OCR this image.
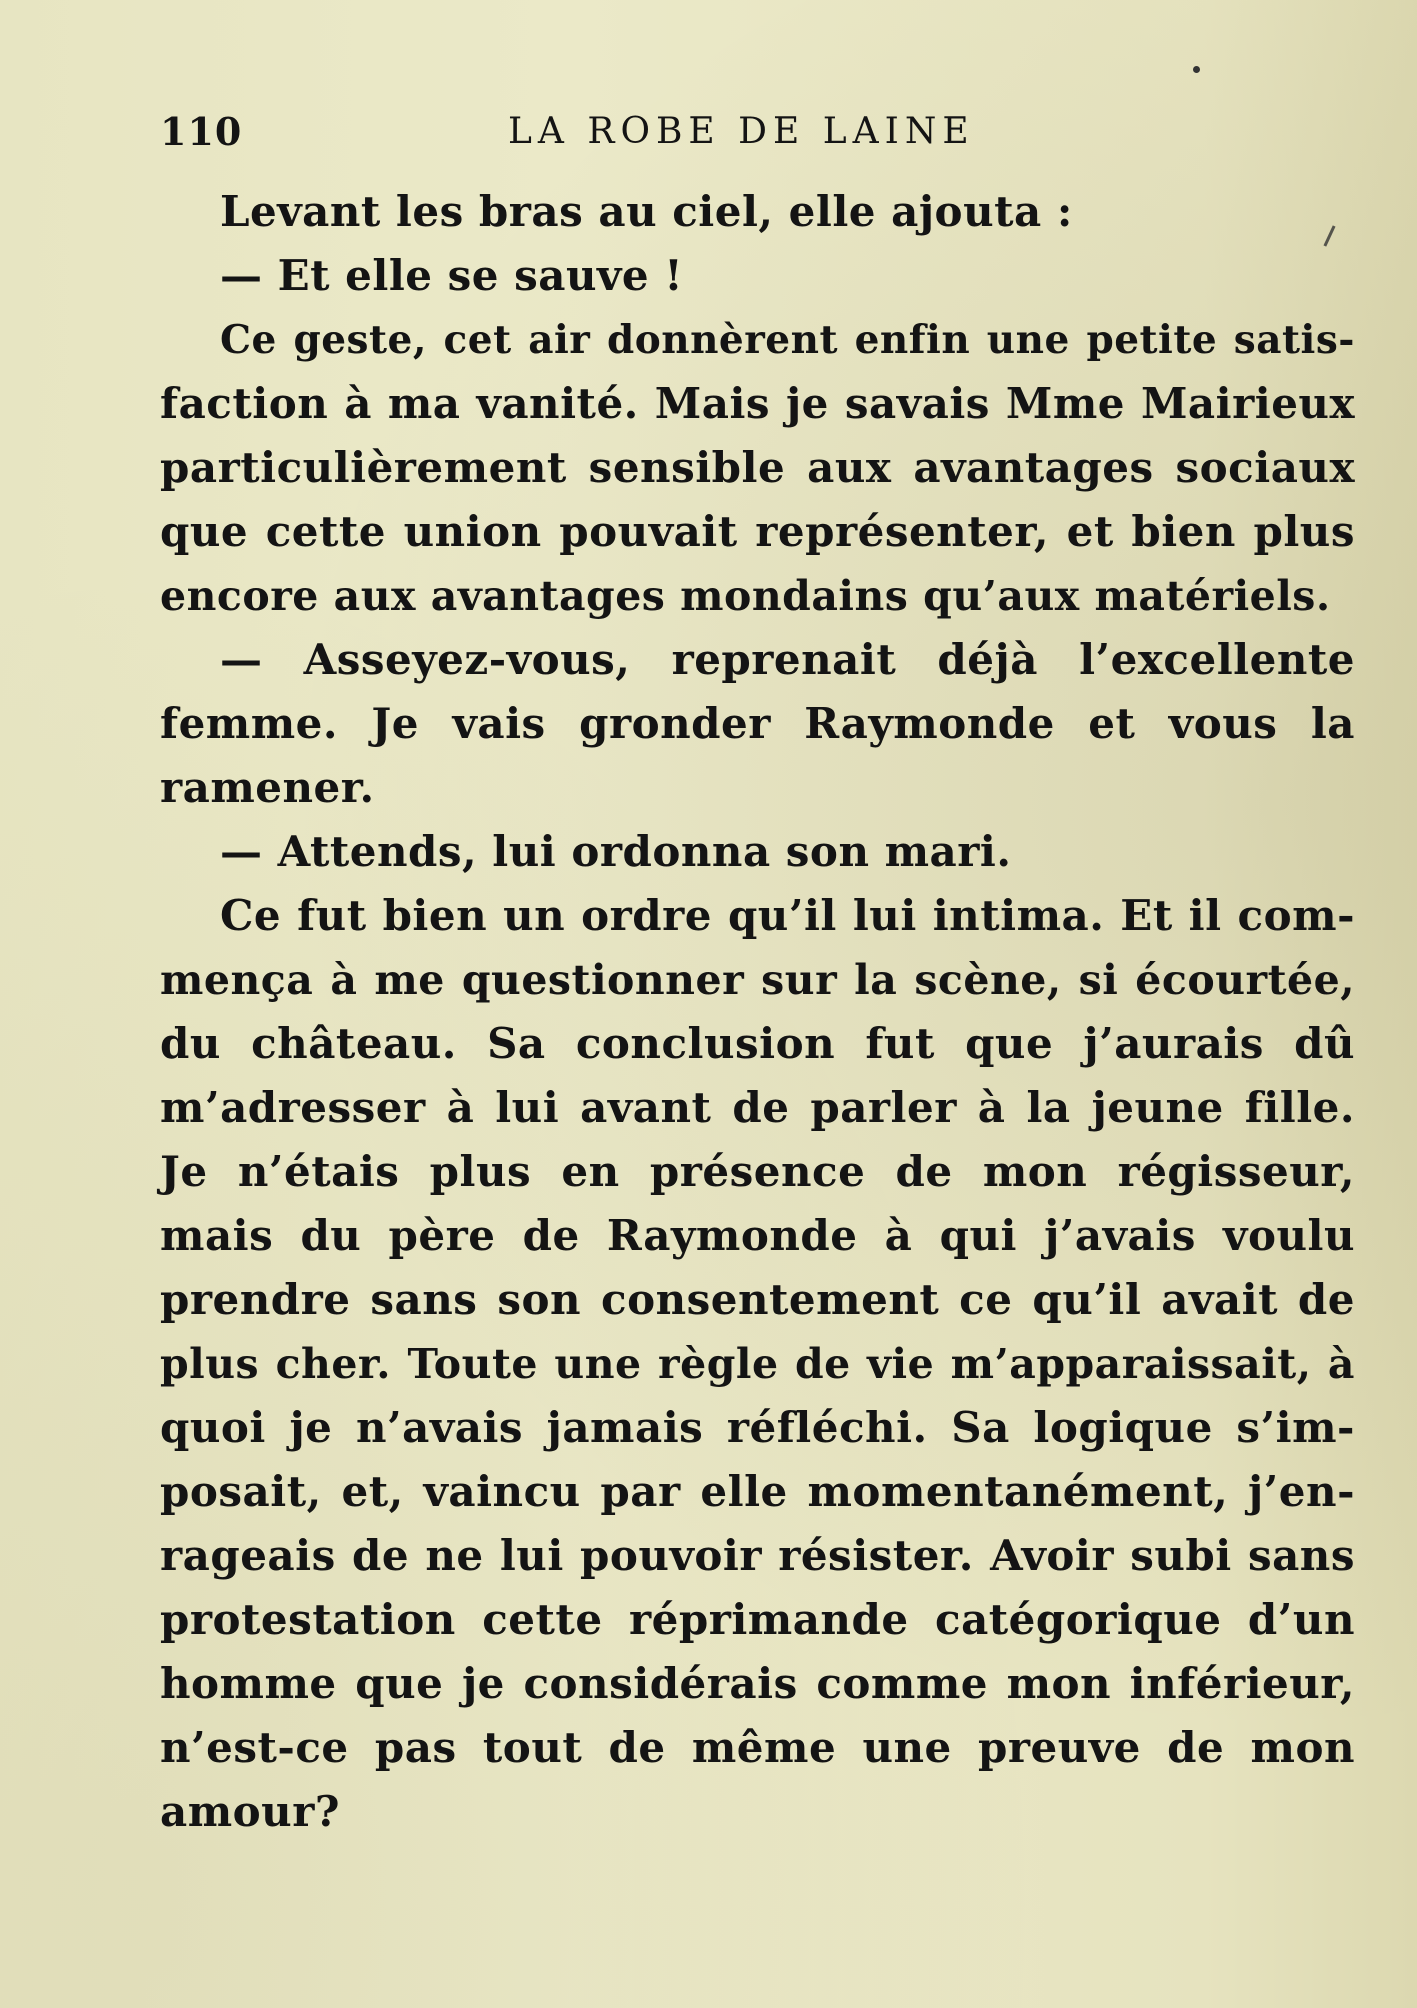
110	LA ROBE DE LAINE
Levant les bras au ciel, elle ajouta :
— Et elle se sauve !
Ce geste, cet air donnèrent enfin une petite satis-
faction à ma vanité. Mais je savais Mme Mairieux
particulièrement sensible aux avantages sociaux
que cette union pouvait représenter, et bien plus
encore aux avantages mondains qu’aux matériels.
— Asseyez-vous, reprenait déjà l’excellente
femme. Je vais gronder Raymonde et vous la
ramener.
— Attends, lui ordonna son mari.
Ce fut bien un ordre qu’il lui intima. Et il com-
mença à me questionner sur la scène, si écourtée,
du château. Sa conclusion fut que j’aurais dû
m’adresser à lui avant de parler à la jeune fille.
Je n’étais plus en présence de mon régisseur,
mais du père de Raymonde à qui j’avais voulu
prendre sans son consentement ce qu’il avait de
plus cher. Toute une règle de vie m’apparaissait, à
quoi je n’avais jamais réfléchi. Sa logique s’im-
posait, et, vaincu par elle momentanément, j’en-
rageais de ne lui pouvoir résister. Avoir subi sans
protestation cette réprimande catégorique d’un
homme que je considérais comme mon inférieur,
n’est-ce pas tout de même une preuve de mon
amour?
